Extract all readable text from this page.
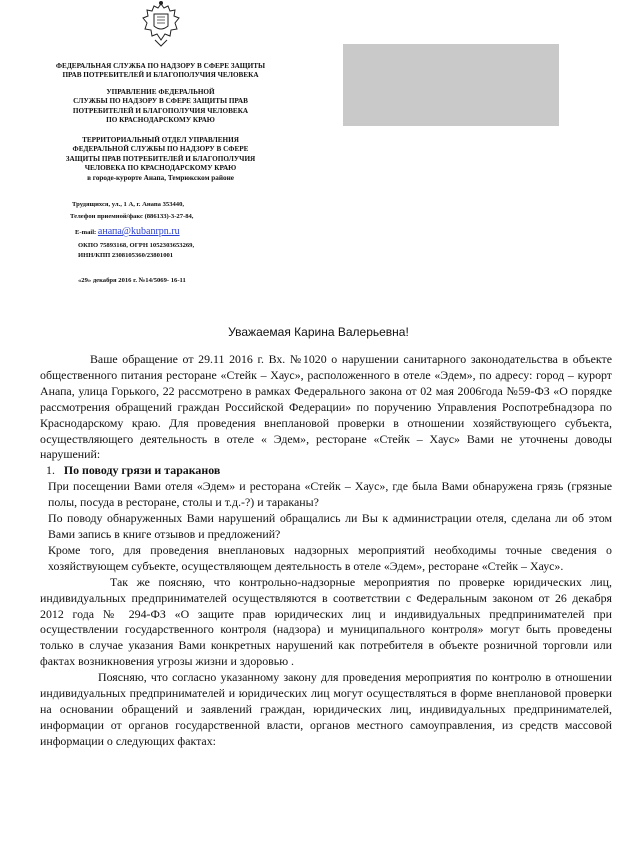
ФЕДЕРАЛЬНАЯ СЛУЖБА ПО НАДЗОРУ В СФЕРЕ ЗАЩИТЫ
ПРАВ ПОТРЕБИТЕЛЕЙ И БЛАГОПОЛУЧИЯ ЧЕЛОВЕКА
УПРАВЛЕНИЕ ФЕДЕРАЛЬНОЙ
СЛУЖБЫ ПО НАДЗОРУ В СФЕРЕ ЗАЩИТЫ ПРАВ
ПОТРЕБИТЕЛЕЙ И БЛАГОПОЛУЧИЯ ЧЕЛОВЕКА
ПО КРАСНОДАРСКОМУ КРАЮ
ТЕРРИТОРИАЛЬНЫЙ ОТДЕЛ УПРАВЛЕНИЯ
ФЕДЕРАЛЬНОЙ СЛУЖБЫ ПО НАДЗОРУ В СФЕРЕ
ЗАЩИТЫ ПРАВ ПОТРЕБИТЕЛЕЙ И БЛАГОПОЛУЧИЯ
ЧЕЛОВЕКА ПО КРАСНОДАРСКОМУ КРАЮ
в городе-курорте Анапа, Темрюкском районе
Трудящихся, ул., 1 А, г. Анапа 353440,
Телефон приемной/факс (886133)-3-27-84,
E-mail: анапа@kubanrpn.ru
ОКПО 75893168, ОГРН 1052303653269,
ИНН/КПП 2308105360/23801001
«29» декабря 2016 г. №14/5069- 16-11
Уважаемая Карина Валерьевна!

Ваше обращение от 29.11 2016 г. Вх. №1020 о нарушении санитарного законодательства в объекте общественного питания ресторане «Стейк – Хаус», расположенного в отеле «Эдем», по адресу: город – курорт Анапа, улица Горького, 22 рассмотрено в рамках Федерального закона от 02 мая 2006года №59-ФЗ «О порядке рассмотрения обращений граждан Российской Федерации» по поручению Управления Роспотребнадзора по Краснодарскому краю. Для проведения внеплановой проверки в отношении хозяйствующего субъекта, осуществляющего деятельность в отеле « Эдем», ресторане «Стейк – Хаус» Вами не уточнены доводы нарушений:

1. По поводу грязи и тараканов

При посещении Вами отеля «Эдем» и ресторана «Стейк – Хаус», где была Вами обнаружена грязь (грязные полы, посуда в ресторане, столы и т.д.-?) и тараканы?

По поводу обнаруженных Вами нарушений обращались ли Вы к администрации отеля, сделана ли об этом Вами запись в книге отзывов и предложений?

Кроме того, для проведения внеплановых надзорных мероприятий необходимы точные сведения о хозяйствующем субъекте, осуществляющем деятельность в отеле «Эдем», ресторане «Стейк – Хаус».

Так же поясняю, что контрольно-надзорные мероприятия по проверке юридических лиц, индивидуальных предпринимателей осуществляются в соответствии с Федеральным законом от 26 декабря 2012 года № 294-ФЗ «О защите прав юридических лиц и индивидуальных предпринимателей при осуществлении государственного контроля (надзора) и муниципального контроля» могут быть проведены только в случае указания Вами конкретных нарушений как потребителя в объекте розничной торговли или фактах возникновения угрозы жизни и здоровью .

Поясняю, что согласно указанному закону для проведения мероприятия по контролю в отношении индивидуальных предпринимателей и юридических лиц могут осуществляться в форме внеплановой проверки на основании обращений и заявлений граждан, юридических лиц, индивидуальных предпринимателей, информации от органов государственной власти, органов местного самоуправления, из средств массовой информации о следующих фактах:
